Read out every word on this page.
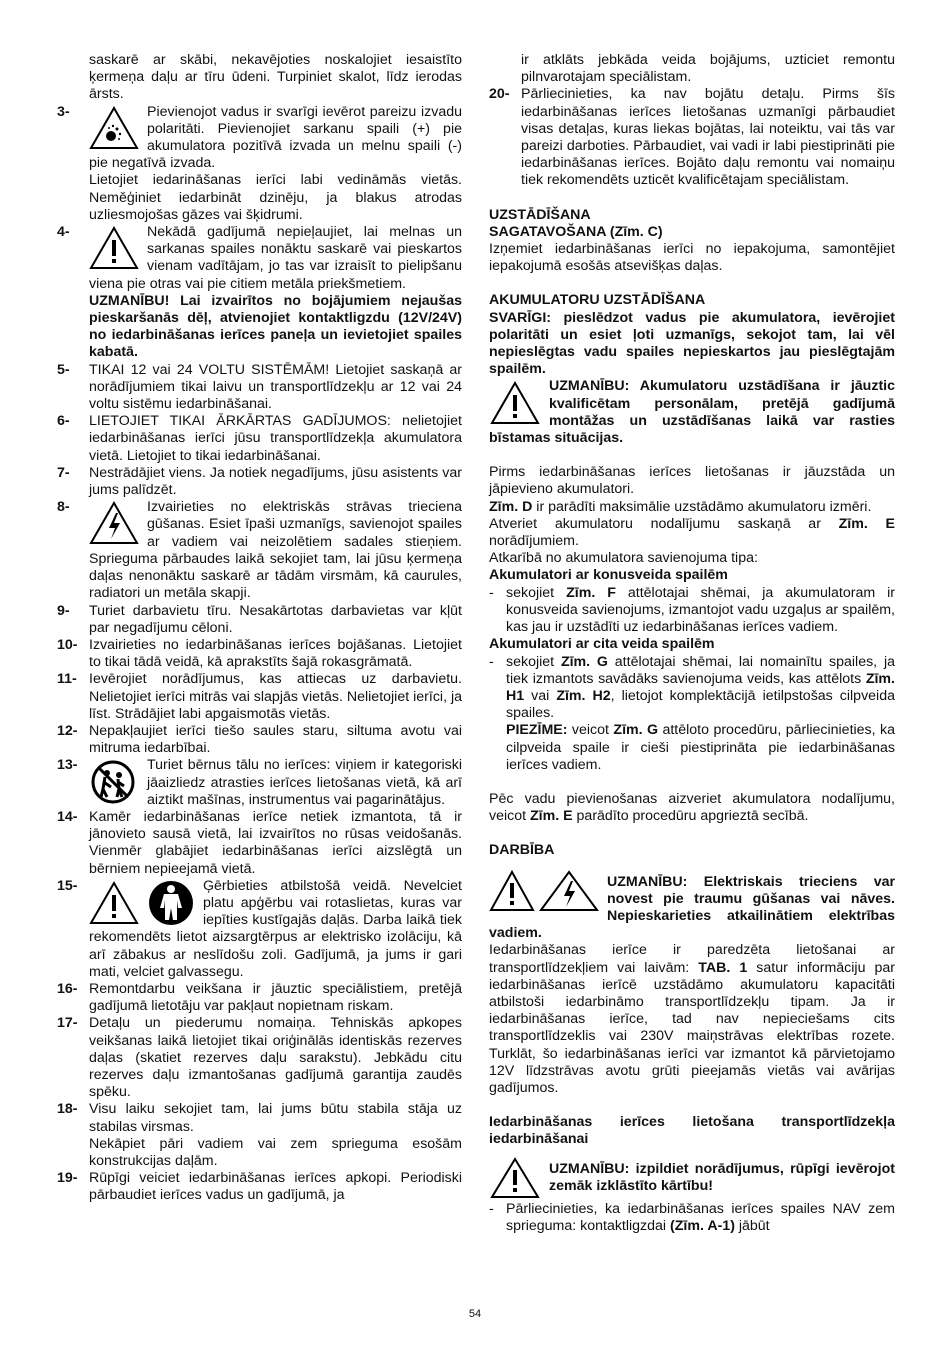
saskarē ar skābi, nekavējoties noskalojiet iesaistīto ķermeņa daļu ar tīru ūdeni. Turpiniet skalot, līdz ierodas ārsts.

3-	Pievienojot vadus ir svarīgi ievērot pareizu izvadu polaritāti. Pievienojiet sarkanu spaili (+) pie akumulatora pozitīvā izvada un melnu spaili (-) pie negatīvā izvada.
Lietojiet iedarināšanas ierīci labi vedināmās vietās. Neměģiniet iedarbināt dzinēju, ja blakus atrodas uzliesmojošas gāzes vai šķidrumi.
4-	Nekādā gadījumā nepieļaujiet, lai melnas un sarkanas spailes nonāktu saskarē vai pieskartos vienam vadītājam, jo tas var izraisīt to pielipšanu viena pie otras vai pie citiem metāla priekšmetiem.
UZMANĪBU! Lai izvairītos no bojājumiem nejaušas pieskaršanās dēļ, atvienojiet kontaktligzdu (12V/24V) no iedarbināšanas ierīces paneļa un ievietojiet spailes kabatā.
5- TIKAI 12 vai 24 VOLTU SISTĒMĀM! Lietojiet saskaņā ar norādījumiem tikai laivu un transportlīdzekļu ar 12 vai 24 voltu sistēmu iedarbināšanai.
6- LIETOJIET TIKAI ĀRKĀRTAS GADĪJUMOS: nelietojiet iedarbināšanas ierīci jūsu transportlīdzekļa akumulatora vietā. Lietojiet to tikai iedarbināšanai.
7- Nestrādājiet viens. Ja notiek negadījums, jūsu asistents var jums palīdzēt.
8-	Izvairieties no elektriskās strāvas trieciena gūšanas. Esiet īpaši uzmanīgs, savienojot spailes ar vadiem vai neizolētiem sadales stieņiem. Sprieguma pārbaudes laikā sekojiet tam, lai jūsu ķermeņa daļas nenonāktu saskarē ar tādām virsmām, kā caurules, radiatori un metāla skapji.
9- Turiet darbavietu tīru. Nesakārtotas darbavietas var kļūt par negadījumu cēloni.
10- Izvairieties no iedarbināšanas ierīces bojāšanas. Lietojiet to tikai tādā veidā, kā aprakstīts šajā rokasgrāmatā.
11- Ievērojiet norādījumus, kas attiecas uz darbavietu. Nelietojiet ierīci mitrās vai slapjās vietās. Nelietojiet ierīci, ja līst. Strādājiet labi apgaismotās vietās.
12- Nepakļaujiet ierīci tiešo saules staru, siltuma avotu vai mitruma iedarbībai.
13-	Turiet bērnus tālu no ierīces: viņiem ir kategoriski jāaizliedz atrasties ierīces lietošanas vietā, kā arī aiztikt mašīnas, instrumentus vai pagarinātājus.
14- Kamēr iedarbināšanas ierīce netiek izmantota, tā ir jānovieto sausā vietā, lai izvairītos no rūsas veidošanās. Vienmēr glabājiet iedarbināšanas ierīci aizslēgtā un bērniem nepieejamā vietā.
15-	Ģērbieties atbilstošā veidā. Nevelciet platu apģērbu vai rotaslietas, kuras var iepīties kustīgajās daļās. Darba laikā tiek rekomendēts lietot aizsargtērpus ar elektrisko izolāciju, kā arī zābakus ar neslīdošu zoli. Gadījumā, ja jums ir gari mati, velciet galvassegu.
16- Remontdarbu veikšana ir jāuztic speciālistiem, pretējā gadījumā lietotāju var pakļaut nopietnam riskam.
17- Detaļu un piederumu nomaiņa. Tehniskās apkopes veikšanas laikā lietojiet tikai oriģinālās identiskās rezerves daļas (skatiet rezerves daļu sarakstu). Jebkādu citu rezerves daļu izmantošanas gadījumā garantija zaudēs spēku.
18- Visu laiku sekojiet tam, lai jums būtu stabila stāja uz stabilas virsmas.
Nekāpiet pāri vadiem vai zem sprieguma esošām konstrukcijas daļām.
19- Rūpīgi veiciet iedarbināšanas ierīces apkopi. Periodiski pārbaudiet ierīces vadus un gadījumā, ja

ir atklāts jebkāda veida bojājums, uzticiet remontu pilnvarotajam speciālistam.

20- Pārliecinieties, ka nav bojātu detaļu. Pirms šīs iedarbināšanas ierīces lietošanas uzmanīgi pārbaudiet visas detaļas, kuras liekas bojātas, lai noteiktu, vai tās var pareizi darboties. Pārbaudiet, vai vadi ir labi piestiprināti pie iedarbināšanas ierīces. Bojāto daļu remontu vai nomaiņu tiek rekomendēts uzticēt kvalificētajam speciālistam.
UZSTĀDĪŠANA
SAGATAVOŠANA (Zīm. C)

Izņemiet iedarbināšanas ierīci no iepakojuma, samontējiet iepakojumā esošās atsevišķas daļas.

AKUMULATORU UZSTĀDĪŠANA

SVARĪGI: pieslēdzot vadus pie akumulatora, ievērojiet polaritāti un esiet ļoti uzmanīgs, sekojot tam, lai vēl nepieslēgtas vadu spailes nepieskartos jau pieslēgtajām spailēm.

UZMANĪBU: Akumulatoru uzstādīšana ir jāuztic kvalificētam personālam, pretējā gadījumā montāžas un uzstādīšanas laikā var rasties bīstamas situācijas.

Pirms iedarbināšanas ierīces lietošanas ir jāuzstāda un jāpievieno akumulatori.

Zīm. D ir parādīti maksimālie uzstādāmo akumulatoru izmēri.

Atveriet akumulatoru nodalījumu saskaņā ar Zīm. E norādījumiem.

Atkarībā no akumulatora savienojuma tipa:

Akumulatori ar konusveida spailēm
- sekojiet Zīm. F attēlotajai shēmai, ja akumulatoram ir konusveida savienojums, izmantojot vadu uzgaļus ar spailēm, kas jau ir uzstādīti uz iedarbināšanas ierīces vadiem.
Akumulatori ar cita veida spailēm
- sekojiet Zīm. G attēlotajai shēmai, lai nomainītu spailes, ja tiek izmantots savādāks savienojuma veids, kas attēlots Zīm. H1 vai Zīm. H2, lietojot komplektācijā ietilpstošas cilpveida spailes.
PIEZĪME: veicot Zīm. G attēloto procedūru, pārliecinieties, ka cilpveida spaile ir cieši piestiprināta pie iedarbināšanas ierīces vadiem.

Pēc vadu pievienošanas aizveriet akumulatora nodalījumu, veicot Zīm. E parādīto procedūru apgrieztā secībā.

DARBĪBA

UZMANĪBU: Elektriskais trieciens var novest pie traumu gūšanas vai nāves. Nepieskarieties atkailinātiem elektrības vadiem.

Iedarbināšanas ierīce ir paredzēta lietošanai ar transportlīdzekļiem vai laivām: TAB. 1 satur informāciju par iedarbināšanas ierīcē uzstādāmo akumulatoru kapacitāti atbilstoši iedarbināmo transportlīdzekļu tipam. Ja ir iedarbināšanas ierīce, tad nav nepieciešams cits transportlīdzeklis vai 230V maiņstrāvas elektrības rozete. Turklāt, šo iedarbināšanas ierīci var izmantot kā pārvietojamo 12V līdzstrāvas avotu grūti pieejamās vietās vai avārijas gadījumos.

Iedarbināšanas ierīces lietošana transportlīdzekļa iedarbināšanai

UZMANĪBU: izpildiet norādījumus, rūpīgi ievērojot zemāk izklāstīto kārtību!

- Pārliecinieties, ka iedarbināšanas ierīces spailes NAV zem sprieguma: kontaktligzdai (Zīm. A-1) jābūt
54
